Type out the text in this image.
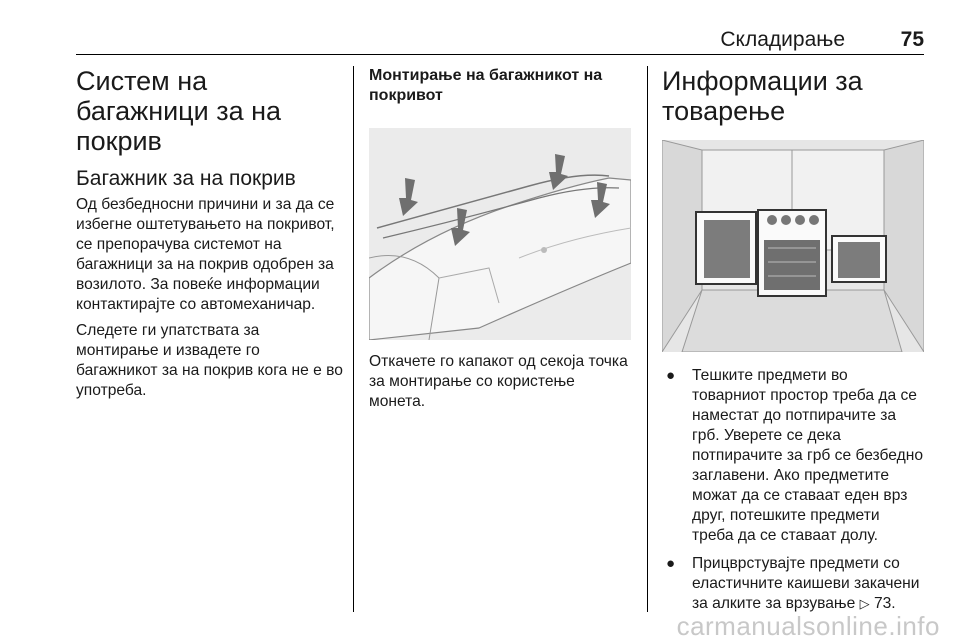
Складирање	75
Систем на багажници за на покрив
Багажник за на покрив

Од безбедносни причини и за да се избегне оштетувањето на покривот, се препорачува системот на багажници за на покрив одобрен за возилото. За повеќе информации контактирајте со автомеханичар.

Следете ги упатствата за монтирање и извадете го багажникот за на покрив кога не е во употреба.

Монтирање на багажникот на покривот

Откачете го капакот од секоја точка за монтирање со користење монета.

Информации за товарење
● Тешките предмети во товарниот простор треба да се наместат до потпирачите за грб. Уверете се дека потпирачите за грб се безбедно заглавени. Ако предметите можат да се ставаат еден врз друг, потешките предмети треба да се ставаат долу.
● Прицврстувајте предмети со еластичните каишеви закачени за алките за врзување ▷ 73.
carmanualsonline.info
